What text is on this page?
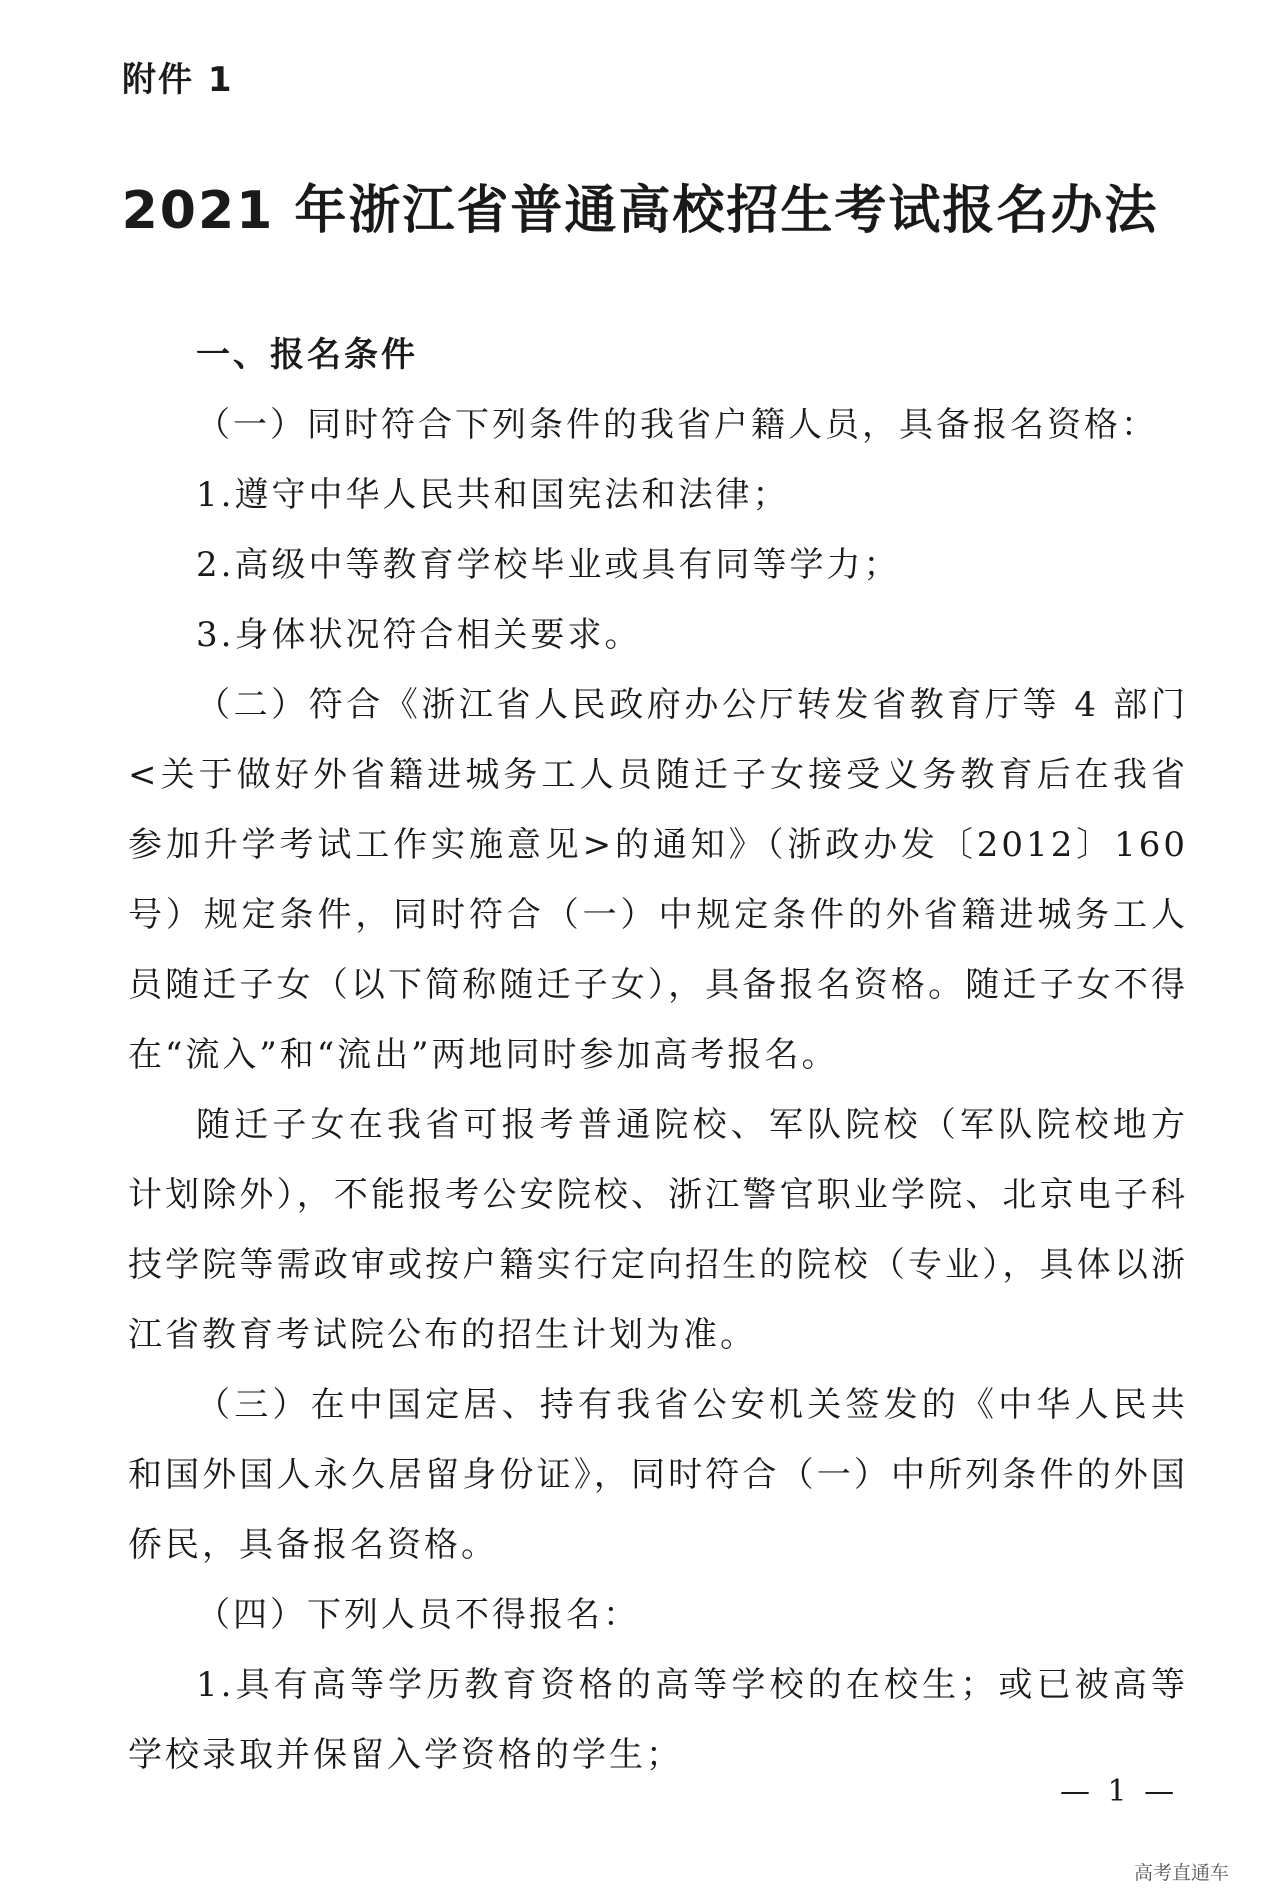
附件 1
2021 年浙江省普通高校招生考试报名办法

一、报名条件

（一）同时符合下列条件的我省户籍人员，具备报名资格：

1.遵守中华人民共和国宪法和法律；

2.高级中等教育学校毕业或具有同等学力；

3.身体状况符合相关要求。

（二）符合《浙江省人民政府办公厅转发省教育厅等 4 部门<关于做好外省籍进城务工人员随迁子女接受义务教育后在我省参加升学考试工作实施意见>的通知》（浙政办发〔2012〕160 号）规定条件，同时符合（一）中规定条件的外省籍进城务工人员随迁子女（以下简称随迁子女），具备报名资格。随迁子女不得在“流入”和“流出”两地同时参加高考报名。

随迁子女在我省可报考普通院校、军队院校（军队院校地方计划除外），不能报考公安院校、浙江警官职业学院、北京电子科技学院等需政审或按户籍实行定向招生的院校（专业），具体以浙江省教育考试院公布的招生计划为准。

（三）在中国定居、持有我省公安机关签发的《中华人民共和国外国人永久居留身份证》，同时符合（一）中所列条件的外国侨民，具备报名资格。

（四）下列人员不得报名：

1.具有高等学历教育资格的高等学校的在校生；或已被高等学校录取并保留入学资格的学生；

— 1 —
高考直通车
